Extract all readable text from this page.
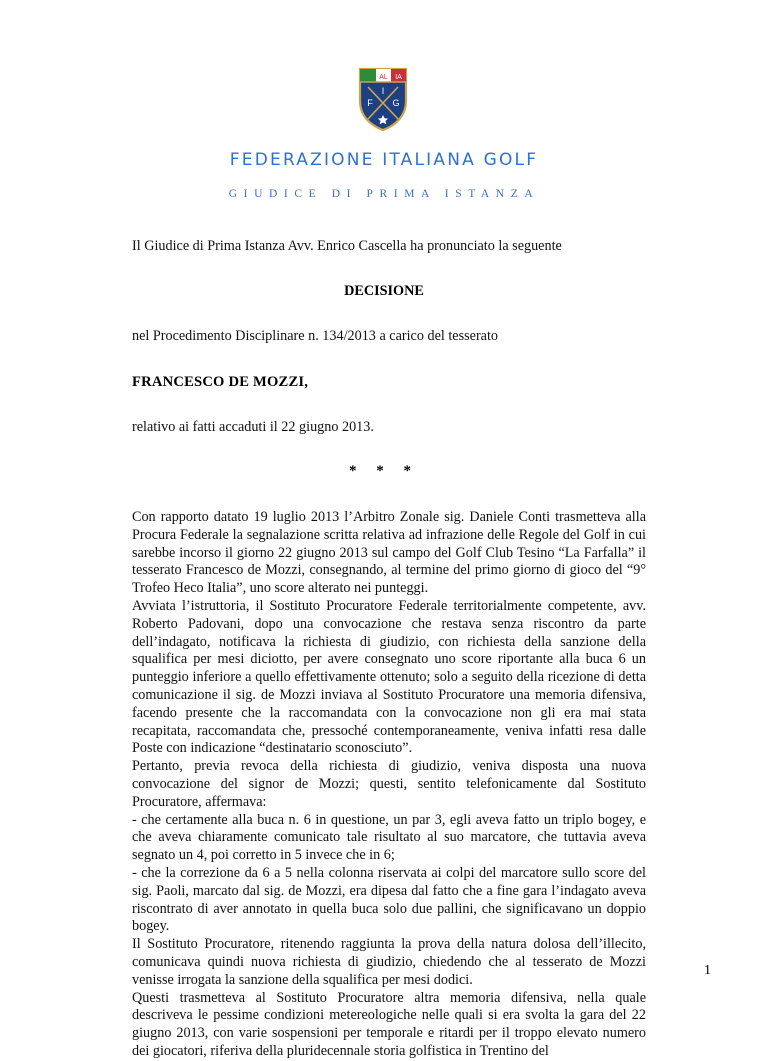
AL IA
I
F G
FEDERAZIONE ITALIANA GOLF
GIUDICE DI PRIMA ISTANZA
Il Giudice di Prima Istanza Avv. Enrico Cascella ha pronunciato la seguente
DECISIONE
nel Procedimento Disciplinare n. 134/2013 a carico del tesserato
FRANCESCO DE MOZZI,
relativo ai fatti accaduti il 22 giugno 2013.
* * *

Con rapporto datato 19 luglio 2013 l’Arbitro Zonale sig. Daniele Conti trasmetteva alla Procura Federale la segnalazione scritta relativa ad infrazione delle Regole del Golf in cui sarebbe incorso il giorno 22 giugno 2013 sul campo del Golf Club Tesino “La Farfalla” il tesserato Francesco de Mozzi, consegnando, al termine del primo giorno di gioco del “9° Trofeo Heco Italia”, uno score alterato nei punteggi.

Avviata l’istruttoria, il Sostituto Procuratore Federale territorialmente competente, avv. Roberto Padovani, dopo una convocazione che restava senza riscontro da parte dell’indagato, notificava la richiesta di giudizio, con richiesta della sanzione della squalifica per mesi diciotto, per avere consegnato uno score riportante alla buca 6 un punteggio inferiore a quello effettivamente ottenuto; solo a seguito della ricezione di detta comunicazione il sig. de Mozzi inviava al Sostituto Procuratore una memoria difensiva, facendo presente che la raccomandata con la convocazione non gli era mai stata recapitata, raccomandata che, pressoché contemporaneamente, veniva infatti resa dalle Poste con indicazione “destinatario sconosciuto”.

Pertanto, previa revoca della richiesta di giudizio, veniva disposta una nuova convocazione del signor de Mozzi; questi, sentito telefonicamente dal Sostituto Procuratore, affermava:

- che certamente alla buca n. 6 in questione, un par 3, egli aveva fatto un triplo bogey, e che aveva chiaramente comunicato tale risultato al suo marcatore, che tuttavia aveva segnato un 4, poi corretto in 5 invece che in 6;

- che la correzione da 6 a 5 nella colonna riservata ai colpi del marcatore sullo score del sig. Paoli, marcato dal sig. de Mozzi, era dipesa dal fatto che a fine gara l’indagato aveva riscontrato di aver annotato in quella buca solo due pallini, che significavano un doppio bogey.

Il Sostituto Procuratore, ritenendo raggiunta la prova della natura dolosa dell’illecito, comunicava quindi nuova richiesta di giudizio, chiedendo che al tesserato de Mozzi venisse irrogata la sanzione della squalifica per mesi dodici.

Questi trasmetteva al Sostituto Procuratore altra memoria difensiva, nella quale descriveva le pessime condizioni metereologiche nelle quali si era svolta la gara del 22 giugno 2013, con varie sospensioni per temporale e ritardi per il troppo elevato numero dei giocatori, riferiva della pluridecennale storia golfistica in Trentino del

1
